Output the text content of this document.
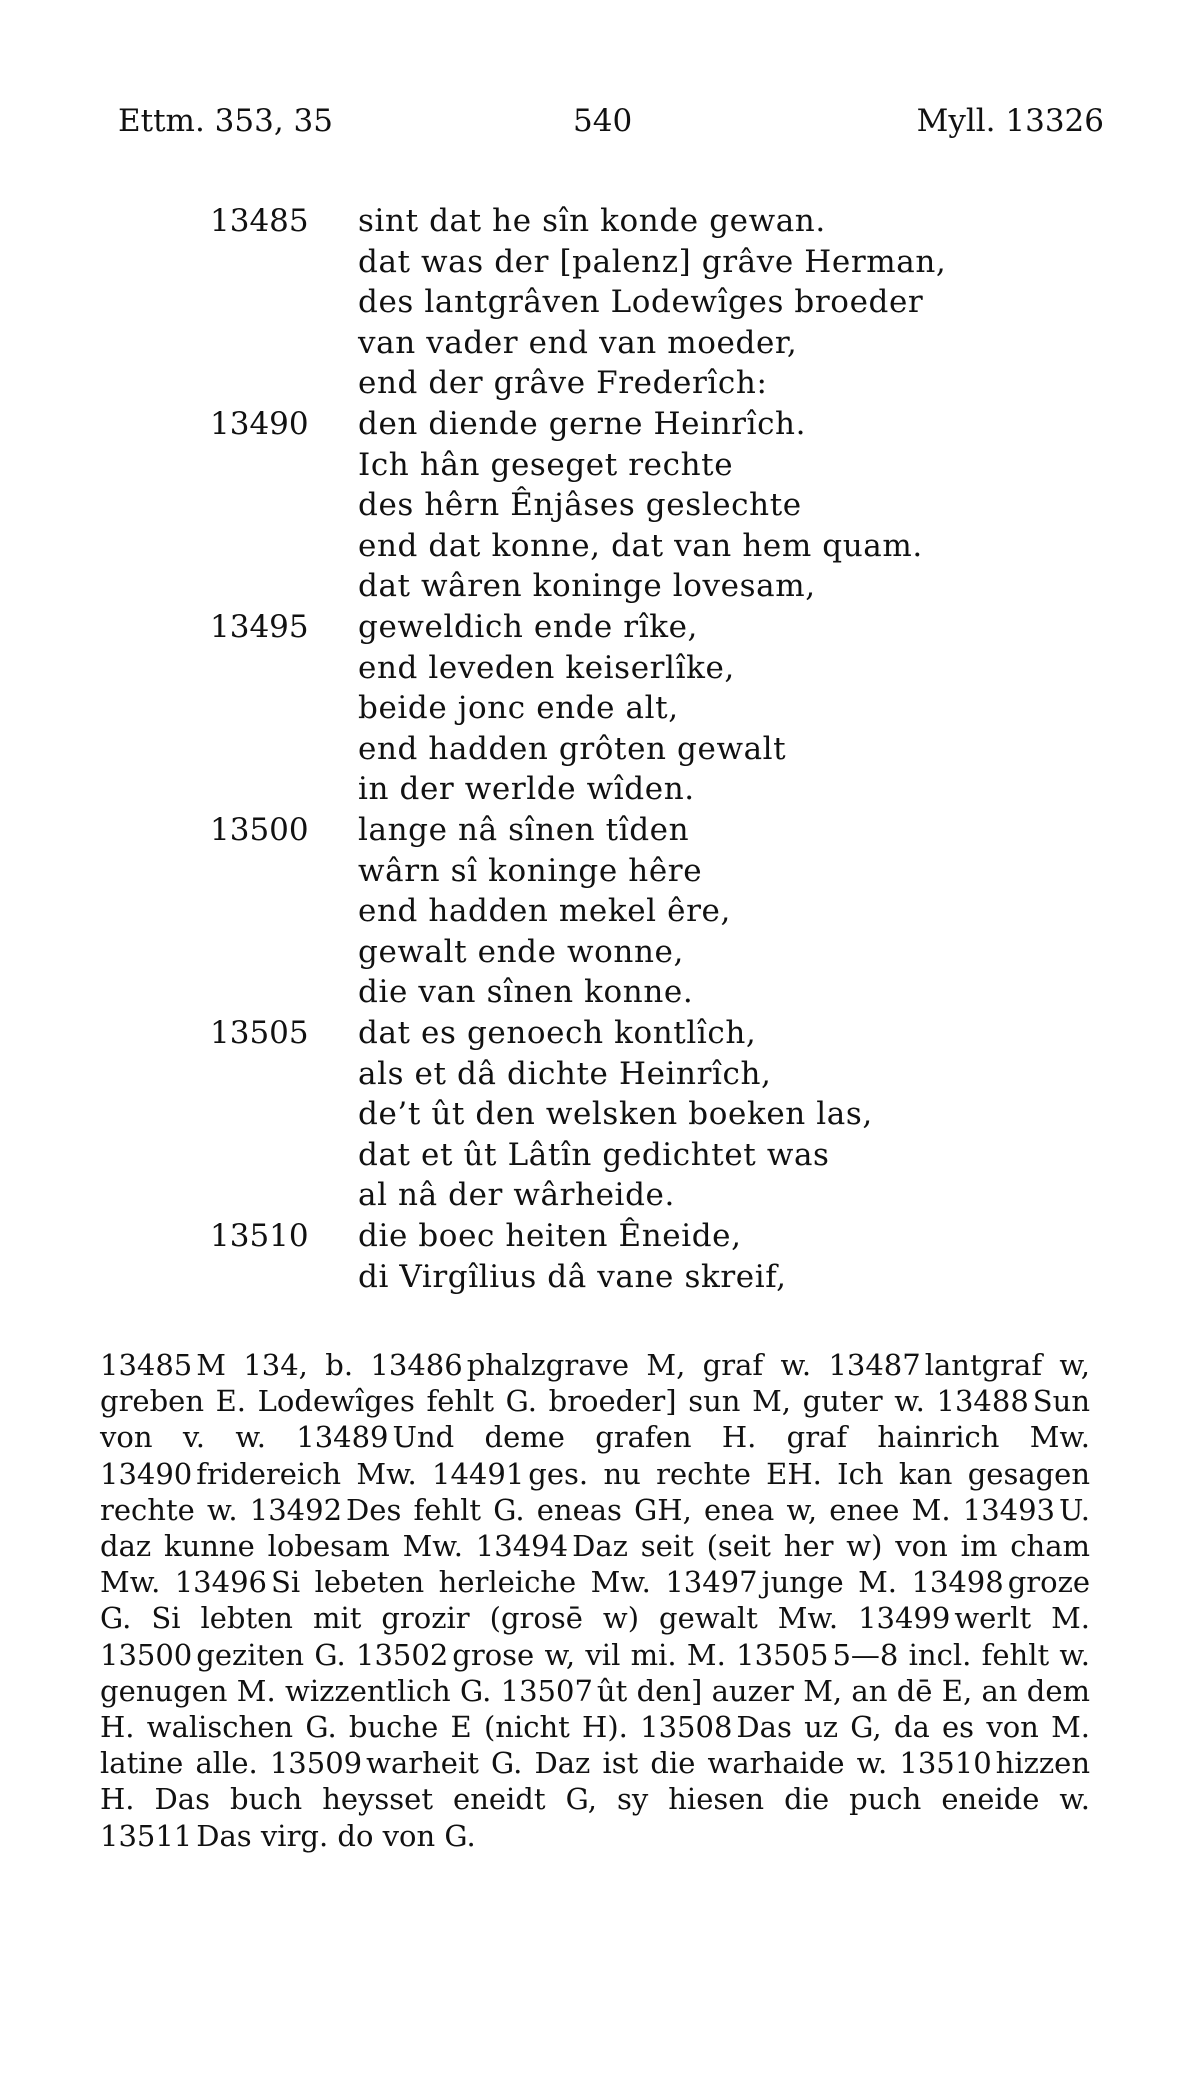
Ettm. 353, 35	540	Myll. 13326
13485	sint dat he sîn konde gewan.
dat was der [palenz] grâve Herman,
des lantgrâven Lodewîges broeder
van vader end van moeder,
end der grâve Frederîch:
13490	den diende gerne Heinrîch.
Ich hân geseget rechte
des hêrn Ênjâses geslechte
end dat konne, dat van hem quam.
dat wâren koninge lovesam,
13495	geweldich ende rîke,
end leveden keiserlîke,
beide jonc ende alt,
end hadden grôten gewalt
in der werlde wîden.
13500	lange nâ sînen tîden
wârn sî koninge hêre
end hadden mekel êre,
gewalt ende wonne,
die van sînen konne.
13505	dat es genoech kontlîch,
als et dâ dichte Heinrîch,
de’t ût den welsken boeken las,
dat et ût Lâtîn gedichtet was
al nâ der wârheide.
13510	die boec heiten Êneide,
di Virgîlius dâ vane skreif,
13485 M 134, b. 13486 phalzgrave M, graf w. 13487 lantgraf w, greben E. Lodewîges fehlt G. broeder] sun M, guter w. 13488 Sun von v. w. 13489 Und deme grafen H. graf hainrich Mw. 13490 fridereich Mw. 14491 ges. nu rechte EH. Ich kan gesagen rechte w. 13492 Des fehlt G. eneas GH, enea w, enee M. 13493 U. daz kunne lobesam Mw. 13494 Daz seit (seit her w) von im cham Mw. 13496 Si lebeten herleiche Mw. 13497 junge M. 13498 groze G. Si lebten mit grozir (grosē w) gewalt Mw. 13499 werlt M. 13500 geziten G. 13502 grose w, vil mi. M. 13505 5—8 incl. fehlt w. genugen M. wizzentlich G. 13507 ût den] auzer M, an dē E, an dem H. walischen G. buche E (nicht H). 13508 Das uz G, da es von M. latine alle. 13509 warheit G. Daz ist die warhaide w. 13510 hizzen H. Das buch heysset eneidt G, sy hiesen die puch eneide w. 13511 Das virg. do von G.
